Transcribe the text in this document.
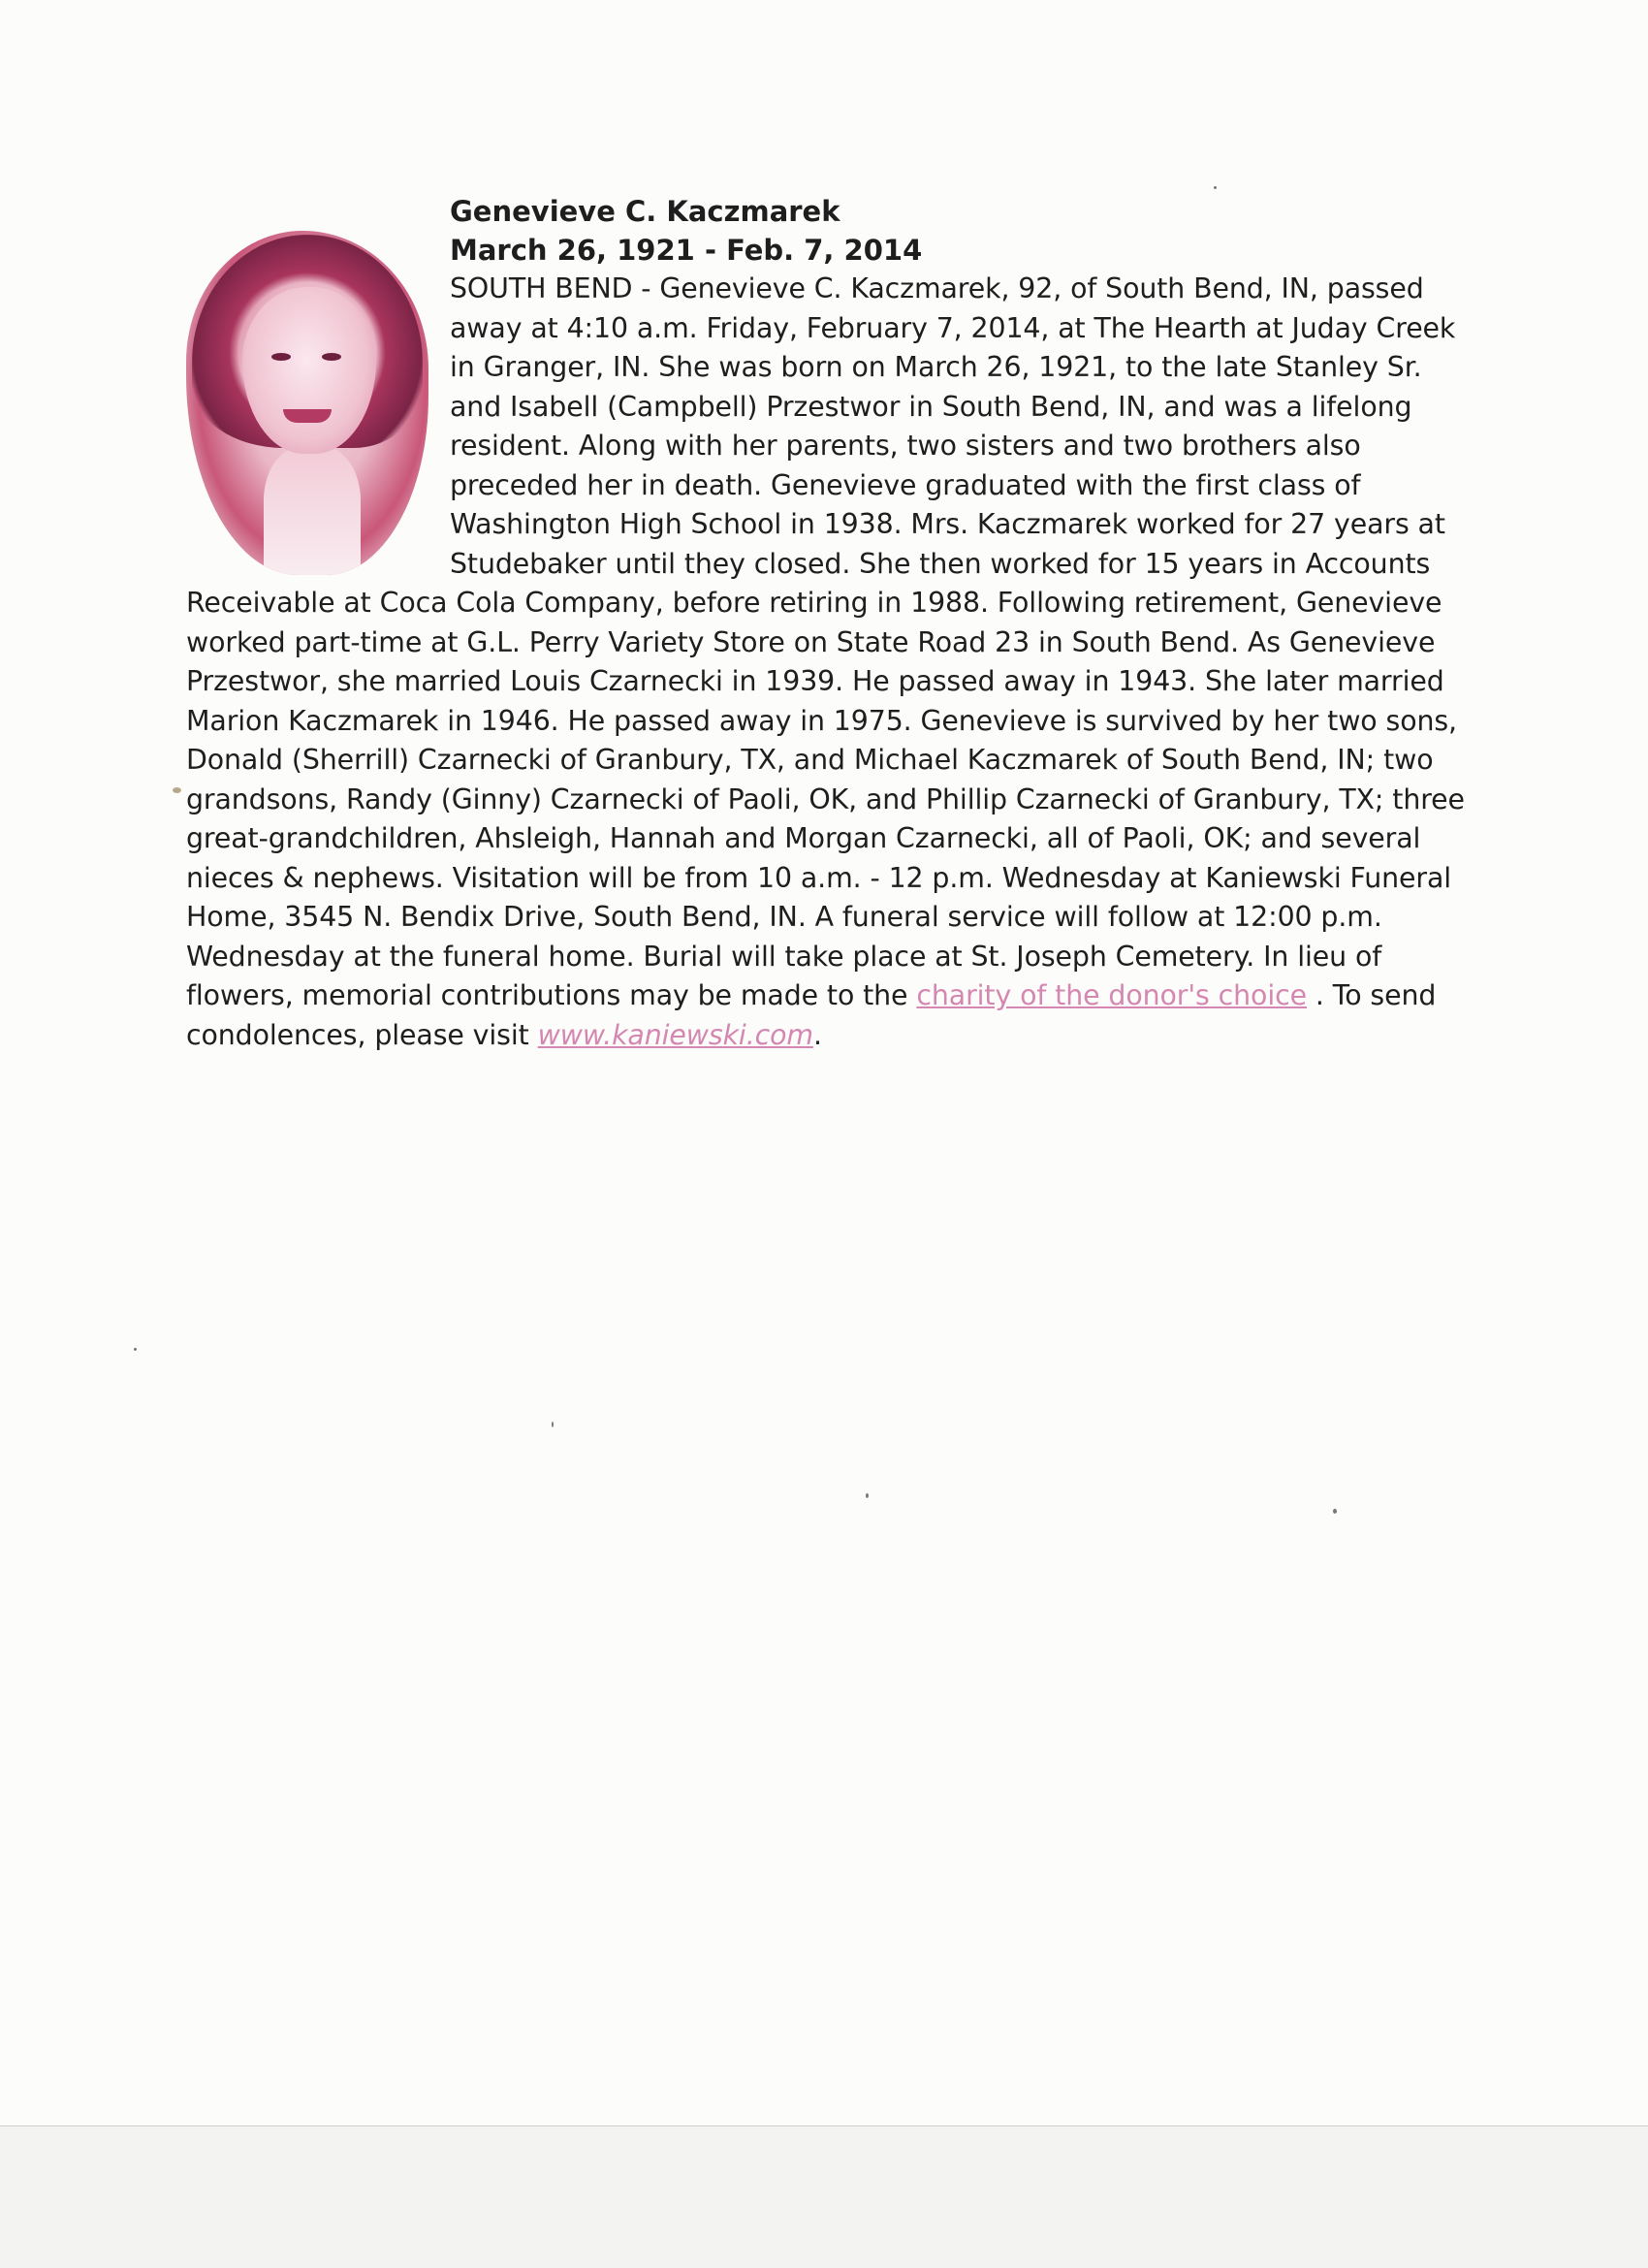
Genevieve C. Kaczmarek

March 26, 1921 - Feb. 7, 2014

SOUTH BEND - Genevieve C. Kaczmarek, 92, of South Bend, IN, passed away at 4:10 a.m. Friday, February 7, 2014, at The Hearth at Juday Creek in Granger, IN. She was born on March 26, 1921, to the late Stanley Sr. and Isabell (Campbell) Przestwor in South Bend, IN, and was a lifelong resident. Along with her parents, two sisters and two brothers also preceded her in death. Genevieve graduated with the first class of Washington High School in 1938. Mrs. Kaczmarek worked for 27 years at Studebaker until they closed. She then worked for 15 years in Accounts Receivable at Coca Cola Company, before retiring in 1988. Following retirement, Genevieve worked part-time at G.L. Perry Variety Store on State Road 23 in South Bend. As Genevieve Przestwor, she married Louis Czarnecki in 1939. He passed away in 1943. She later married Marion Kaczmarek in 1946. He passed away in 1975. Genevieve is survived by her two sons, Donald (Sherrill) Czarnecki of Granbury, TX, and Michael Kaczmarek of South Bend, IN; two grandsons, Randy (Ginny) Czarnecki of Paoli, OK, and Phillip Czarnecki of Granbury, TX; three great-grandchildren, Ahsleigh, Hannah and Morgan Czarnecki, all of Paoli, OK; and several nieces & nephews. Visitation will be from 10 a.m. - 12 p.m. Wednesday at Kaniewski Funeral Home, 3545 N. Bendix Drive, South Bend, IN. A funeral service will follow at 12:00 p.m. Wednesday at the funeral home. Burial will take place at St. Joseph Cemetery. In lieu of flowers, memorial contributions may be made to the charity of the donor's choice . To send condolences, please visit www.kaniewski.com.
